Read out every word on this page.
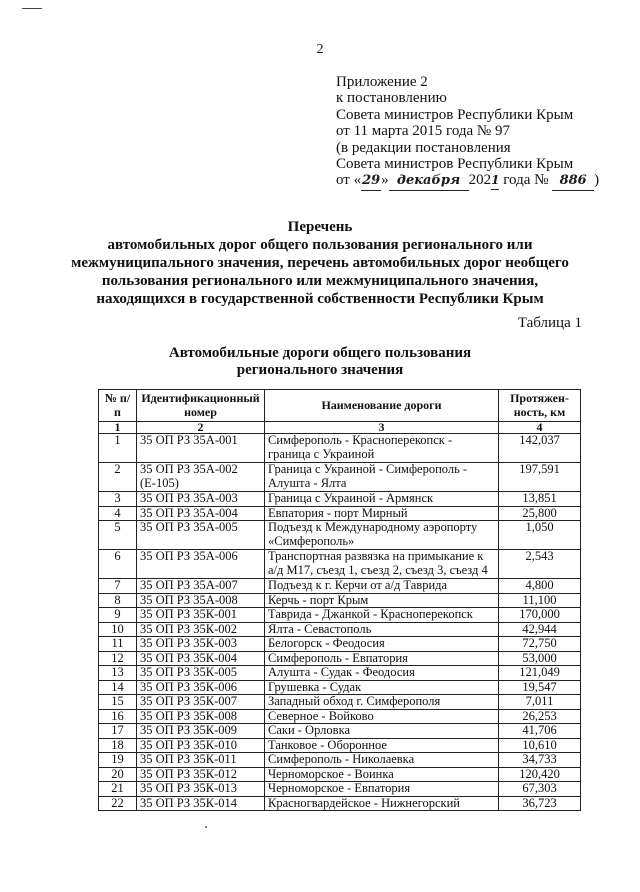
2
Приложение 2
к постановлению
Совета министров Республики Крым
от 11 марта 2015 года № 97
(в редакции постановления
Совета министров Республики Крым
от «29» декабря 2021 года № 886 )
Перечень
автомобильных дорог общего пользования регионального или
межмуниципального значения, перечень автомобильных дорог необщего
пользования регионального или межмуниципального значения,
находящихся в государственной собственности Республики Крым
Таблица 1
Автомобильные дороги общего пользования
регионального значения
№ п/п	Идентификационный номер	Наименование дороги	Протяжен-ность, км
1	2	3	4
1	35 ОП РЗ 35А-001	Симферополь - Красноперекопск - граница с Украиной	142,037
2	35 ОП РЗ 35А-002 (Е-105)	Граница с Украиной - Симферополь - Алушта - Ялта	197,591
3	35 ОП РЗ 35А-003	Граница с Украиной - Армянск	13,851
4	35 ОП РЗ 35А-004	Евпатория - порт Мирный	25,800
5	35 ОП РЗ 35А-005	Подъезд к Международному аэропорту «Симферополь»	1,050
6	35 ОП РЗ 35А-006	Транспортная развязка на примыкание к а/д М17, съезд 1, съезд 2, съезд 3, съезд 4	2,543
7	35 ОП РЗ 35А-007	Подъезд к г. Керчи от а/д Таврида	4,800
8	35 ОП РЗ 35А-008	Керчь - порт Крым	11,100
9	35 ОП РЗ 35К-001	Таврида - Джанкой - Красноперекопск	170,000
10	35 ОП РЗ 35К-002	Ялта - Севастополь	42,944
11	35 ОП РЗ 35К-003	Белогорск - Феодосия	72,750
12	35 ОП РЗ 35К-004	Симферополь - Евпатория	53,000
13	35 ОП РЗ 35К-005	Алушта - Судак - Феодосия	121,049
14	35 ОП РЗ 35К-006	Грушевка - Судак	19,547
15	35 ОП РЗ 35К-007	Западный обход г. Симферополя	7,011
16	35 ОП РЗ 35К-008	Северное - Войково	26,253
17	35 ОП РЗ 35К-009	Саки - Орловка	41,706
18	35 ОП РЗ 35К-010	Танковое - Оборонное	10,610
19	35 ОП РЗ 35К-011	Симферополь - Николаевка	34,733
20	35 ОП РЗ 35К-012	Черноморское - Воинка	120,420
21	35 ОП РЗ 35К-013	Черноморское - Евпатория	67,303
22	35 ОП РЗ 35К-014	Красногвардейское - Нижнегорский	36,723
